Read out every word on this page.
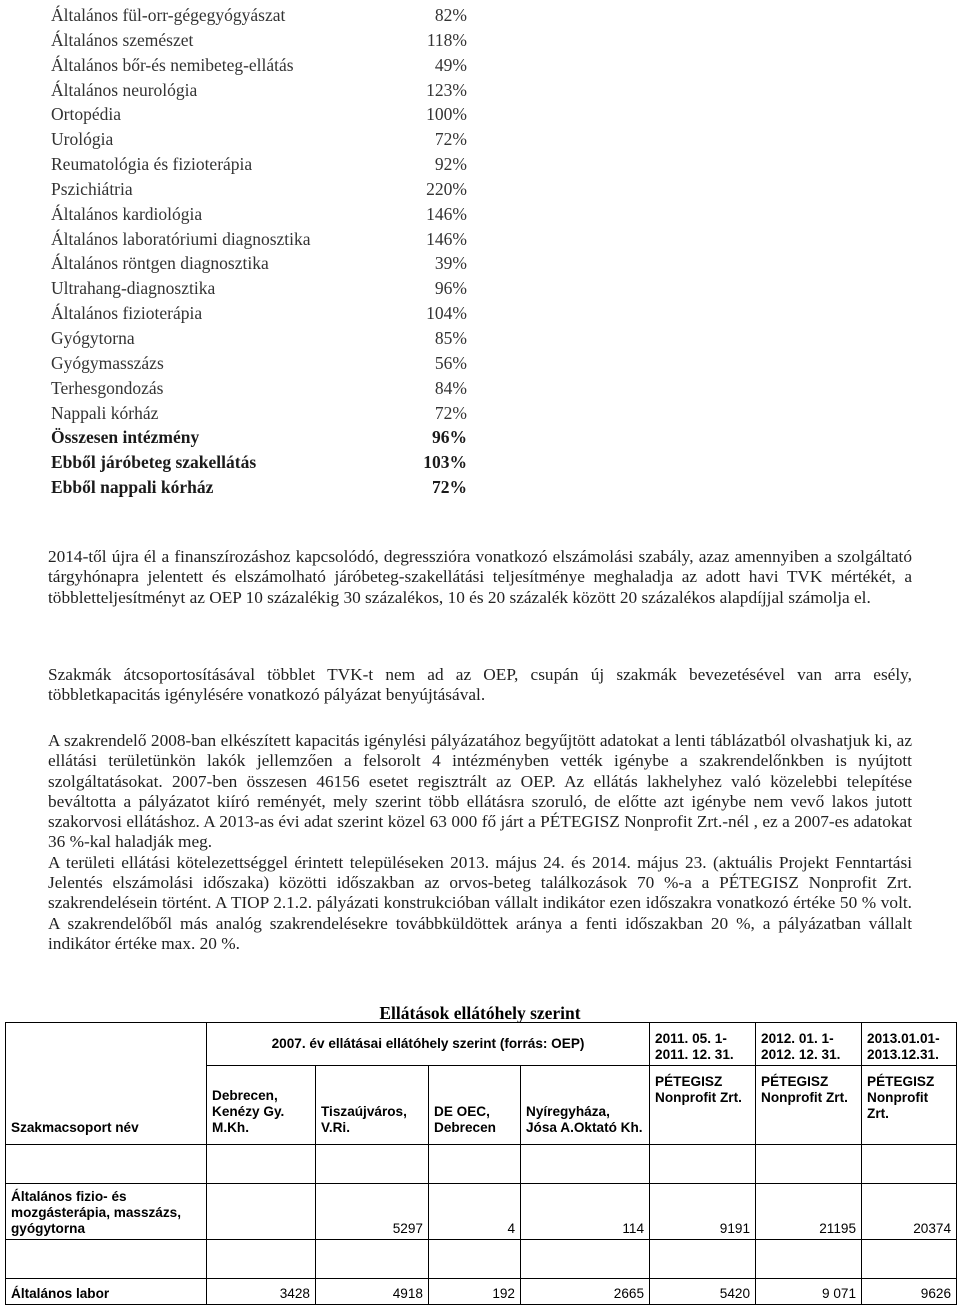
Általános fül-orr-gégegyógyászat	82%
Általános szemészet	118%
Általános bőr-és nemibeteg-ellátás	49%
Általános neurológia	123%
Ortopédia	100%
Urológia	72%
Reumatológia és fizioterápia	92%
Pszichiátria	220%
Általános kardiológia	146%
Általános laboratóriumi diagnosztika	146%
Általános röntgen diagnosztika	39%
Ultrahang-diagnosztika	96%
Általános fizioterápia	104%
Gyógytorna	85%
Gyógymasszázs	56%
Terhesgondozás	84%
Nappali kórház	72%
Összesen intézmény	96%
Ebből járóbeteg szakellátás	103%
Ebből nappali kórház	72%

2014-től újra él a finanszírozáshoz kapcsolódó, degresszióra vonatkozó elszámolási szabály, azaz amennyiben a szolgáltató tárgyhónapra jelentett és elszámolható járóbeteg-szakellátási teljesítménye meghaladja az adott havi TVK mértékét, a többletteljesítményt az OEP 10 százalékig 30 százalékos, 10 és 20 százalék között 20 százalékos alapdíjjal számolja el.

Szakmák átcsoportosításával többlet TVK-t nem ad az OEP, csupán új szakmák bevezetésével van arra esély, többletkapacitás igénylésére vonatkozó pályázat benyújtásával.

A szakrendelő 2008-ban elkészített kapacitás igénylési pályázatához begyűjtött adatokat a lenti táblázatból olvashatjuk ki, az ellátási területünkön lakók jellemzően a felsorolt 4 intézményben vették igénybe a szakrendelőnkben is nyújtott szolgáltatásokat. 2007-ben összesen 46156 esetet regisztrált az OEP. Az ellátás lakhelyhez való közelebbi telepítése beváltotta a pályázatot kiíró reményét, mely szerint több ellátásra szoruló, de előtte azt igénybe nem vevő lakos jutott szakorvosi ellátáshoz. A 2013-as évi adat szerint közel 63 000 fő járt a PÉTEGISZ Nonprofit Zrt.-nél , ez a 2007-es adatokat 36 %-kal haladják meg.
A területi ellátási kötelezettséggel érintett településeken 2013. május 24. és 2014. május 23. (aktuális Projekt Fenntartási Jelentés elszámolási időszaka) közötti időszakban az orvos-beteg találkozások 70 %-a a PÉTEGISZ Nonprofit Zrt. szakrendelésein történt. A TIOP 2.1.2. pályázati konstrukcióban vállalt indikátor ezen időszakra vonatkozó értéke 50 % volt. A szakrendelőből más analóg szakrendelésekre továbbküldöttek aránya a fenti időszakban 20 %, a pályázatban vállalt indikátor értéke max. 20 %.
Ellátások ellátóhely szerint
Szakmacsoport név	2007. év ellátásai ellátóhely szerint (forrás: OEP)				2011. 05. 1- 2011. 12. 31.	2012. 01. 1- 2012. 12. 31.	2013.01.01- 2013.12.31.
	Debrecen, Kenézy Gy. M.Kh.	Tiszaújváros, V.Ri.	DE OEC, Debrecen	Nyíregyháza, Jósa A.Oktató Kh.	PÉTEGISZ Nonprofit Zrt.	PÉTEGISZ Nonprofit Zrt.	PÉTEGISZ Nonprofit Zrt.

Általános fizio- és mozgásterápia, masszázs, gyógytorna		5297	4	114	9191	21195	20374

Általános labor	3428	4918	192	2665	5420	9 071	9626
